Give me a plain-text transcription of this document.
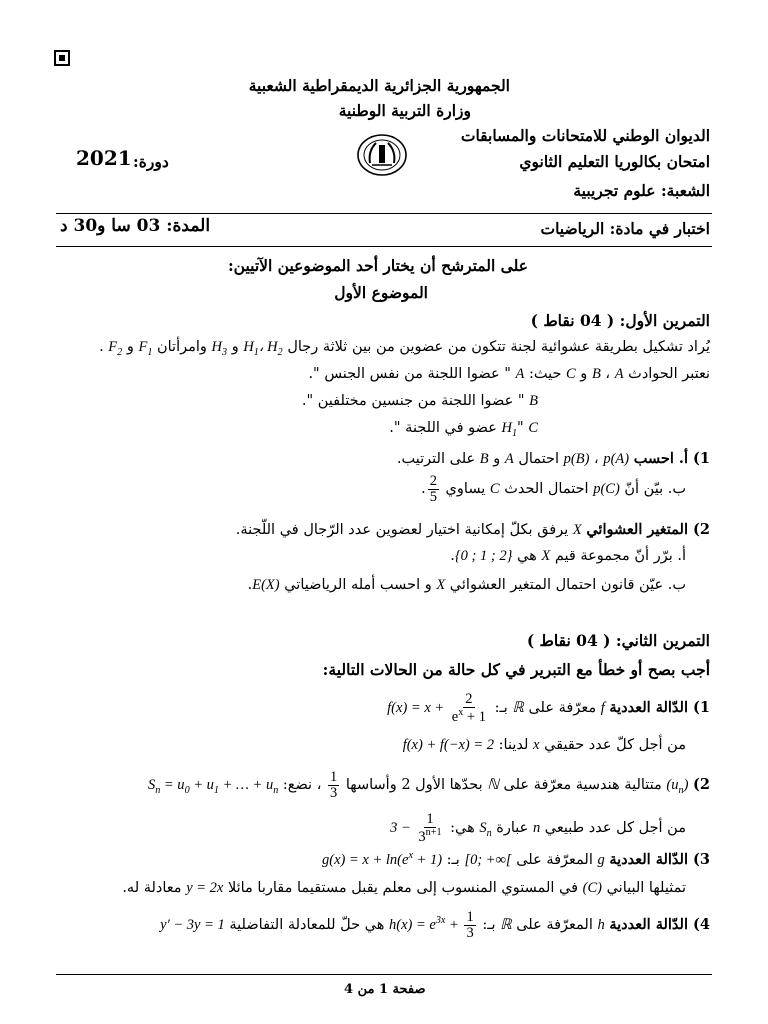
الجمهورية الجزائرية الديمقراطية الشعبية
وزارة التربية الوطنية
الديوان الوطني للامتحانات والمسابقات
امتحان بكالوريا التعليم الثانوي
الشعبة: علوم تجريبية
2021 دورة:
اختبار في مادة: الرياضيات
المدة: 03 سا و30 د
على المترشح أن يختار أحد الموضوعين الآتيين:
الموضوع الأول
التمرين الأول: ( 04 نقاط )
يُراد تشكيل بطريقة عشوائية لجنة تتكون من عضوين من بين ثلاثة رجال $H_1،$ $H_2$ و $H_3$ وامرأتان $F_1$ و $F_2$ .
نعتبر الحوادث A ، B و C حيث: A " عضوا اللجنة من نفس الجنس ".
B " عضوا اللجنة من جنسين مختلفين ".
C "$H_1$ عضو في اللجنة ".
1) أ. احسب p(A) ، p(B) احتمال A و B على الترتيب.
ب. بيّن أنّ p(C) احتمال الحدث C يساوي
$\frac{2}{5}$
.
2) المتغير العشوائي X يرفق بكلّ إمكانية اختيار لعضوين عدد الرّجال في اللّجنة.
أ. برّر أنّ مجموعة قيم X هي {0 ; 1 ; 2}.
ب. عيّن قانون احتمال المتغير العشوائي X و احسب أمله الرياضياتي E(X).
التمرين الثاني: ( 04 نقاط )
أجب بصح أو خطأ مع التبرير في كل حالة من الحالات التالية:
1) الدّالة العددية f معرّفة على ℝ بـ: $f(x) = x + \frac{2}{e^x + 1}$
من أجل كلّ عدد حقيقي x لدينا: f(x) + f(−x) = 2
2) $(u_n)$ متتالية هندسية معرّفة على ℕ بحدّها الأول 2 وأساسها
$\frac{1}{3}$
، نضع: $S_n = u_0 + u_1$ + … + $u_n$
من أجل كل عدد طبيعي n عبارة $S_n$ هي: $3 - \frac{1}{3^{n+1}}$
3) الدّالة العددية g المعرّفة على [0; +∞[ بـ: $g(x) = x + \ln(e^x + 1)$
تمثيلها البياني (C) في المستوي المنسوب إلى معلم يقبل مستقيما مقاربا مائلا y = 2x معادلة له.
4) الدّالة العددية h المعرّفة على ℝ بـ: $h(x) = e^{3x} + \frac{1}{3}$
هي حلّ للمعادلة التفاضلية y′ − 3y = 1
صفحة 1 من 4
